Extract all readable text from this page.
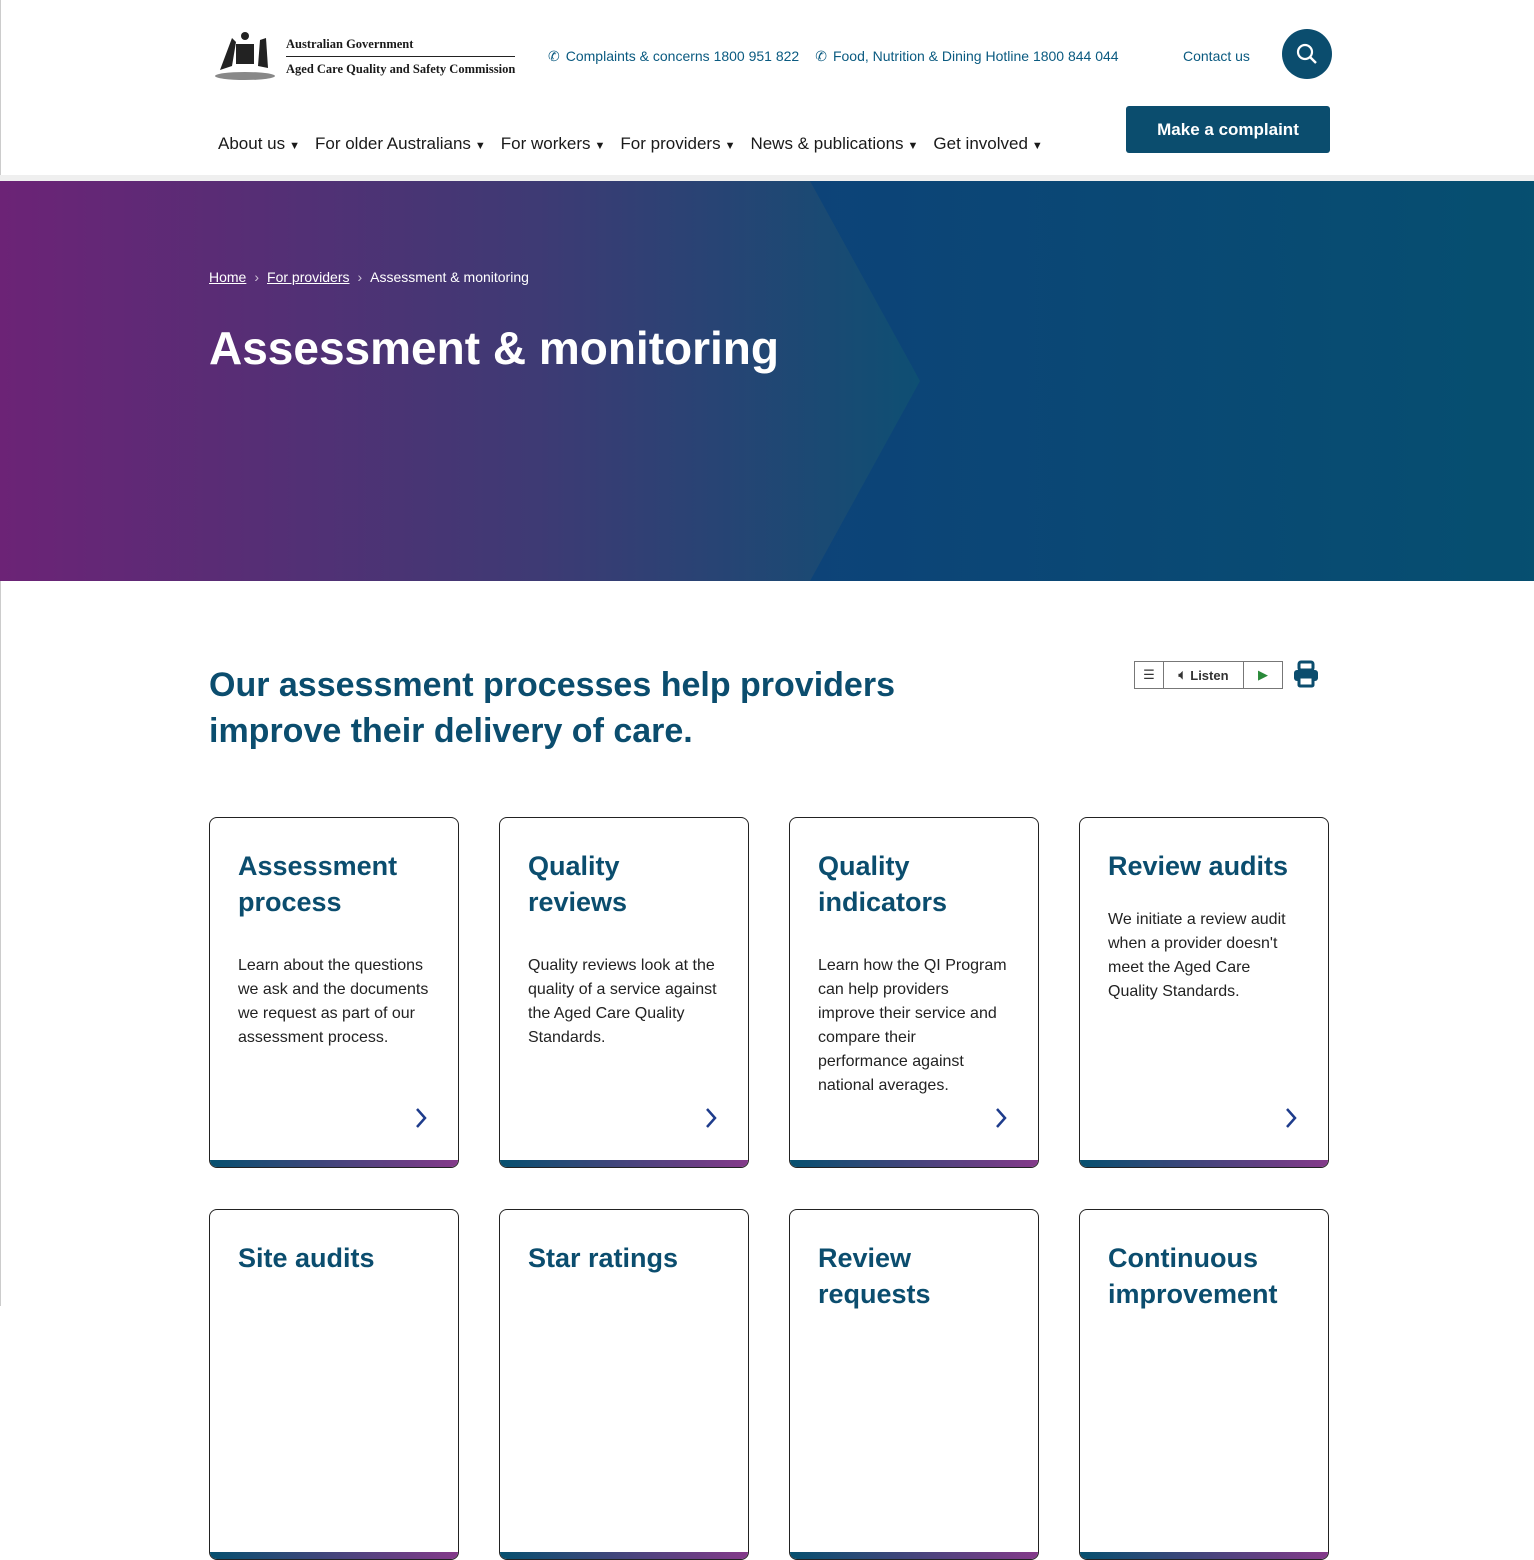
Australian Government
Aged Care Quality and Safety Commission
✆ Complaints & concerns 1800 951 822 ✆ Food, Nutrition & Dining Hotline 1800 844 044	Contact us
Make a complaint
About us ▼ For older Australians ▼ For workers ▼ For providers ▼ News & publications ▼ Get involved ▼
Home › For providers › Assessment & monitoring
Assessment & monitoring
Our assessment processes help providers improve their delivery of care.
☰ 🔈︎ Listen ▶
Assessment process

Learn about the questions we ask and the documents we request as part of our assessment process.

Quality reviews

Quality reviews look at the quality of a service against the Aged Care Quality Standards.

Quality indicators

Learn how the QI Program can help providers improve their service and compare their performance against national averages.

Review audits

We initiate a review audit when a provider doesn't meet the Aged Care Quality Standards.

Site audits	Star ratings	Review requests
Continuous improvement
